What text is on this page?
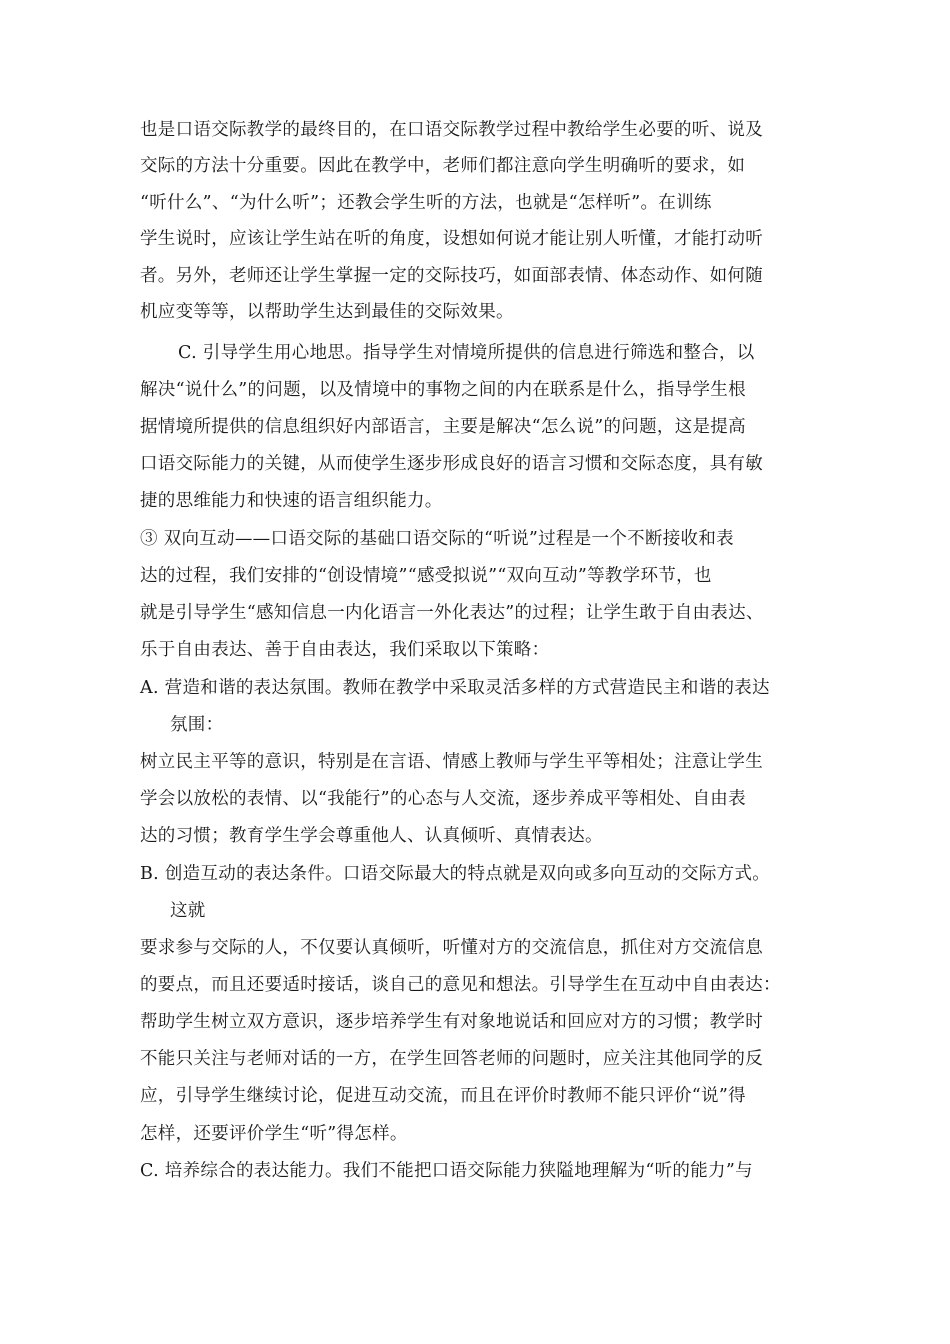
也是口语交际教学的最终目的，在口语交际教学过程中教给学生必要的听、说及
交际的方法十分重要。因此在教学中，老师们都注意向学生明确听的要求，如
“听什么”、“为什么听”；还教会学生听的方法，也就是“怎样听”。在训练
学生说时，应该让学生站在听的角度，设想如何说才能让别人听懂，才能打动听
者。另外，老师还让学生掌握一定的交际技巧，如面部表情、体态动作、如何随
机应变等等，以帮助学生达到最佳的交际效果。
C. 引导学生用心地思。指导学生对情境所提供的信息进行筛选和整合，以
解决“说什么”的问题，以及情境中的事物之间的内在联系是什么，指导学生根
据情境所提供的信息组织好内部语言，主要是解决“怎么说”的问题，这是提高
口语交际能力的关键，从而使学生逐步形成良好的语言习惯和交际态度，具有敏
捷的思维能力和快速的语言组织能力。
③ 双向互动——口语交际的基础口语交际的“听说”过程是一个不断接收和表
达的过程，我们安排的“创设情境”“感受拟说”“双向互动”等教学环节，也
就是引导学生“感知信息一内化语言一外化表达”的过程；让学生敢于自由表达、
乐于自由表达、善于自由表达，我们采取以下策略：
A. 营造和谐的表达氛围。教师在教学中采取灵活多样的方式营造民主和谐的表达
氛围：
树立民主平等的意识，特别是在言语、情感上教师与学生平等相处；注意让学生
学会以放松的表情、以“我能行”的心态与人交流，逐步养成平等相处、自由表
达的习惯；教育学生学会尊重他人、认真倾听、真情表达。
B. 创造互动的表达条件。口语交际最大的特点就是双向或多向互动的交际方式。
这就
要求参与交际的人，不仅要认真倾听，听懂对方的交流信息，抓住对方交流信息
的要点，而且还要适时接话，谈自己的意见和想法。引导学生在互动中自由表达：
帮助学生树立双方意识，逐步培养学生有对象地说话和回应对方的习惯；教学时
不能只关注与老师对话的一方，在学生回答老师的问题时，应关注其他同学的反
应，引导学生继续讨论，促进互动交流，而且在评价时教师不能只评价“说”得
怎样，还要评价学生“听”得怎样。
C. 培养综合的表达能力。我们不能把口语交际能力狭隘地理解为“听的能力”与
